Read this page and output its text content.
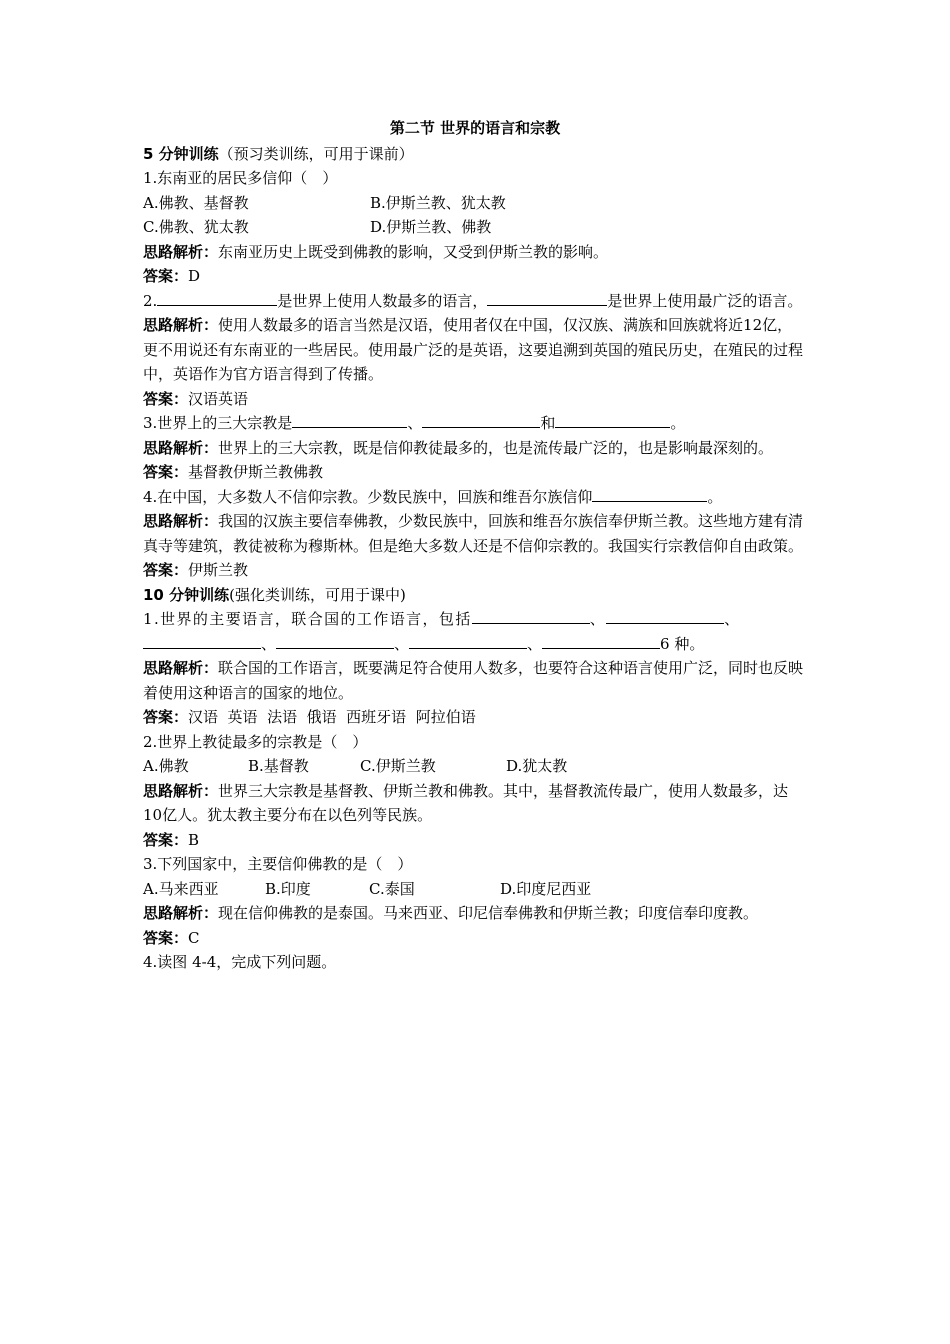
第二节 世界的语言和宗教
5 分钟训练（预习类训练，可用于课前）
1.东南亚的居民多信仰（　）
A.佛教、基督教	B.伊斯兰教、犹太教
C.佛教、犹太教	D.伊斯兰教、佛教
思路解析：东南亚历史上既受到佛教的影响，又受到伊斯兰教的影响。
答案：D
2.	是世界上使用人数最多的语言，	是世界上使用最广泛的语言。
思路解析：使用人数最多的语言当然是汉语，使用者仅在中国，仅汉族、满族和回族就将近12亿，更不用说还有东南亚的一些居民。使用最广泛的是英语，这要追溯到英国的殖民历史，在殖民的过程中，英语作为官方语言得到了传播。
答案：汉语英语
3.世界上的三大宗教是	、	和	。
思路解析：世界上的三大宗教，既是信仰教徒最多的，也是流传最广泛的，也是影响最深刻的。
答案：基督教伊斯兰教佛教
4.在中国，大多数人不信仰宗教。少数民族中，回族和维吾尔族信仰	。
思路解析：我国的汉族主要信奉佛教，少数民族中，回族和维吾尔族信奉伊斯兰教。这些地方建有清真寺等建筑，教徒被称为穆斯林。但是绝大多数人还是不信仰宗教的。我国实行宗教信仰自由政策。
答案：伊斯兰教
10 分钟训练(强化类训练，可用于课中)
1.世界的主要语言，联合国的工作语言，包括	、	、
、	、	、	6 种。
思路解析：联合国的工作语言，既要满足符合使用人数多，也要符合这种语言使用广泛，同时也反映着使用这种语言的国家的地位。
答案：汉语  英语  法语  俄语  西班牙语  阿拉伯语
2.世界上教徒最多的宗教是（　）
A.佛教	B.基督教	C.伊斯兰教	D.犹太教
思路解析：世界三大宗教是基督教、伊斯兰教和佛教。其中，基督教流传最广，使用人数最多，达10亿人。犹太教主要分布在以色列等民族。
答案：B
3.下列国家中，主要信仰佛教的是（　）
A.马来西亚	B.印度	C.泰国	D.印度尼西亚
思路解析：现在信仰佛教的是泰国。马来西亚、印尼信奉佛教和伊斯兰教；印度信奉印度教。
答案：C
4.读图 4-4，完成下列问题。
